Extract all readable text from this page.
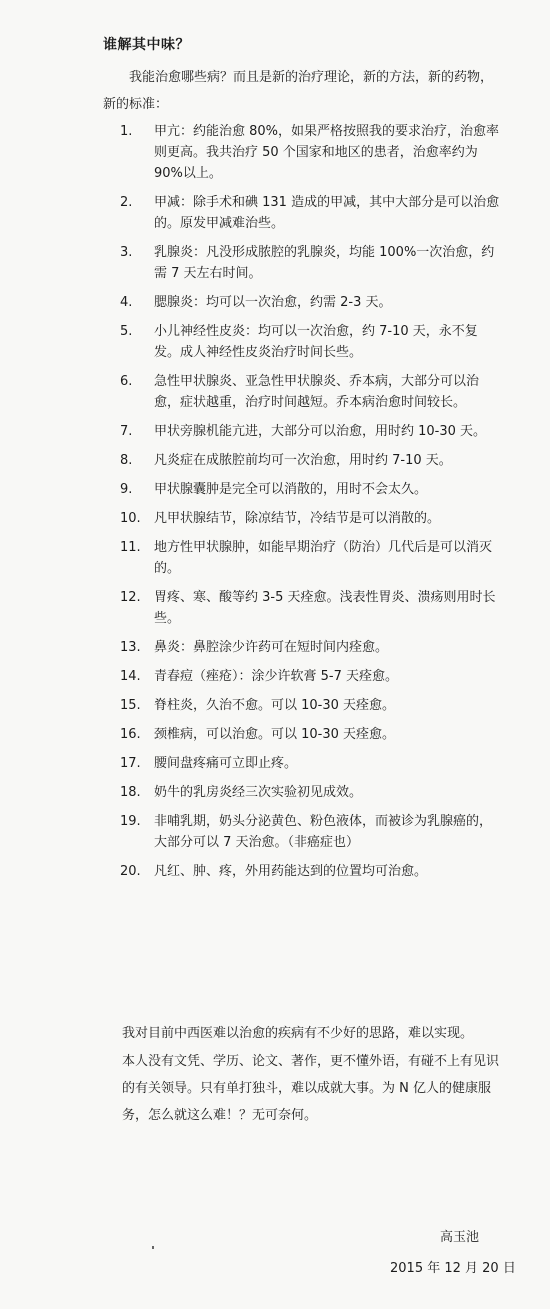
谁解其中味？
我能治愈哪些病？而且是新的治疗理论，新的方法，新的药物，新的标准：
1.	甲亢：约能治愈 80%，如果严格按照我的要求治疗，治愈率则更高。我共治疗 50 个国家和地区的患者，治愈率约为 90%以上。
2.	甲减：除手术和碘 131 造成的甲减，其中大部分是可以治愈的。原发甲减难治些。
3.	乳腺炎：凡没形成脓腔的乳腺炎，均能 100%一次治愈，约需 7 天左右时间。
4.	腮腺炎：均可以一次治愈，约需 2-3 天。
5.	小儿神经性皮炎：均可以一次治愈，约 7-10 天，永不复发。成人神经性皮炎治疗时间长些。
6.	急性甲状腺炎、亚急性甲状腺炎、乔本病，大部分可以治愈，症状越重，治疗时间越短。乔本病治愈时间较长。
7.	甲状旁腺机能亢进，大部分可以治愈，用时约 10-30 天。
8.	凡炎症在成脓腔前均可一次治愈，用时约 7-10 天。
9.	甲状腺囊肿是完全可以消散的，用时不会太久。
10.	凡甲状腺结节，除凉结节，冷结节是可以消散的。
11.	地方性甲状腺肿，如能早期治疗（防治）几代后是可以消灭的。
12.	胃疼、寒、酸等约 3-5 天痊愈。浅表性胃炎、溃疡则用时长些。
13.	鼻炎：鼻腔涂少许药可在短时间内痊愈。
14.	青春痘（痤疮）：涂少许软膏 5-7 天痊愈。
15.	脊柱炎，久治不愈。可以 10-30 天痊愈。
16.	颈椎病，可以治愈。可以 10-30 天痊愈。
17.	腰间盘疼痛可立即止疼。
18.	奶牛的乳房炎经三次实验初见成效。
19.	非哺乳期，奶头分泌黄色、粉色液体，而被诊为乳腺癌的，大部分可以 7 天治愈。（非癌症也）
20.	凡红、肿、疼，外用药能达到的位置均可治愈。
我对目前中西医难以治愈的疾病有不少好的思路，难以实现。
本人没有文凭、学历、论文、著作，更不懂外语，有碰不上有见识的有关领导。只有单打独斗，难以成就大事。为 N 亿人的健康服务，怎么就这么难！？无可奈何。
高玉池
2015 年 12 月 20 日
